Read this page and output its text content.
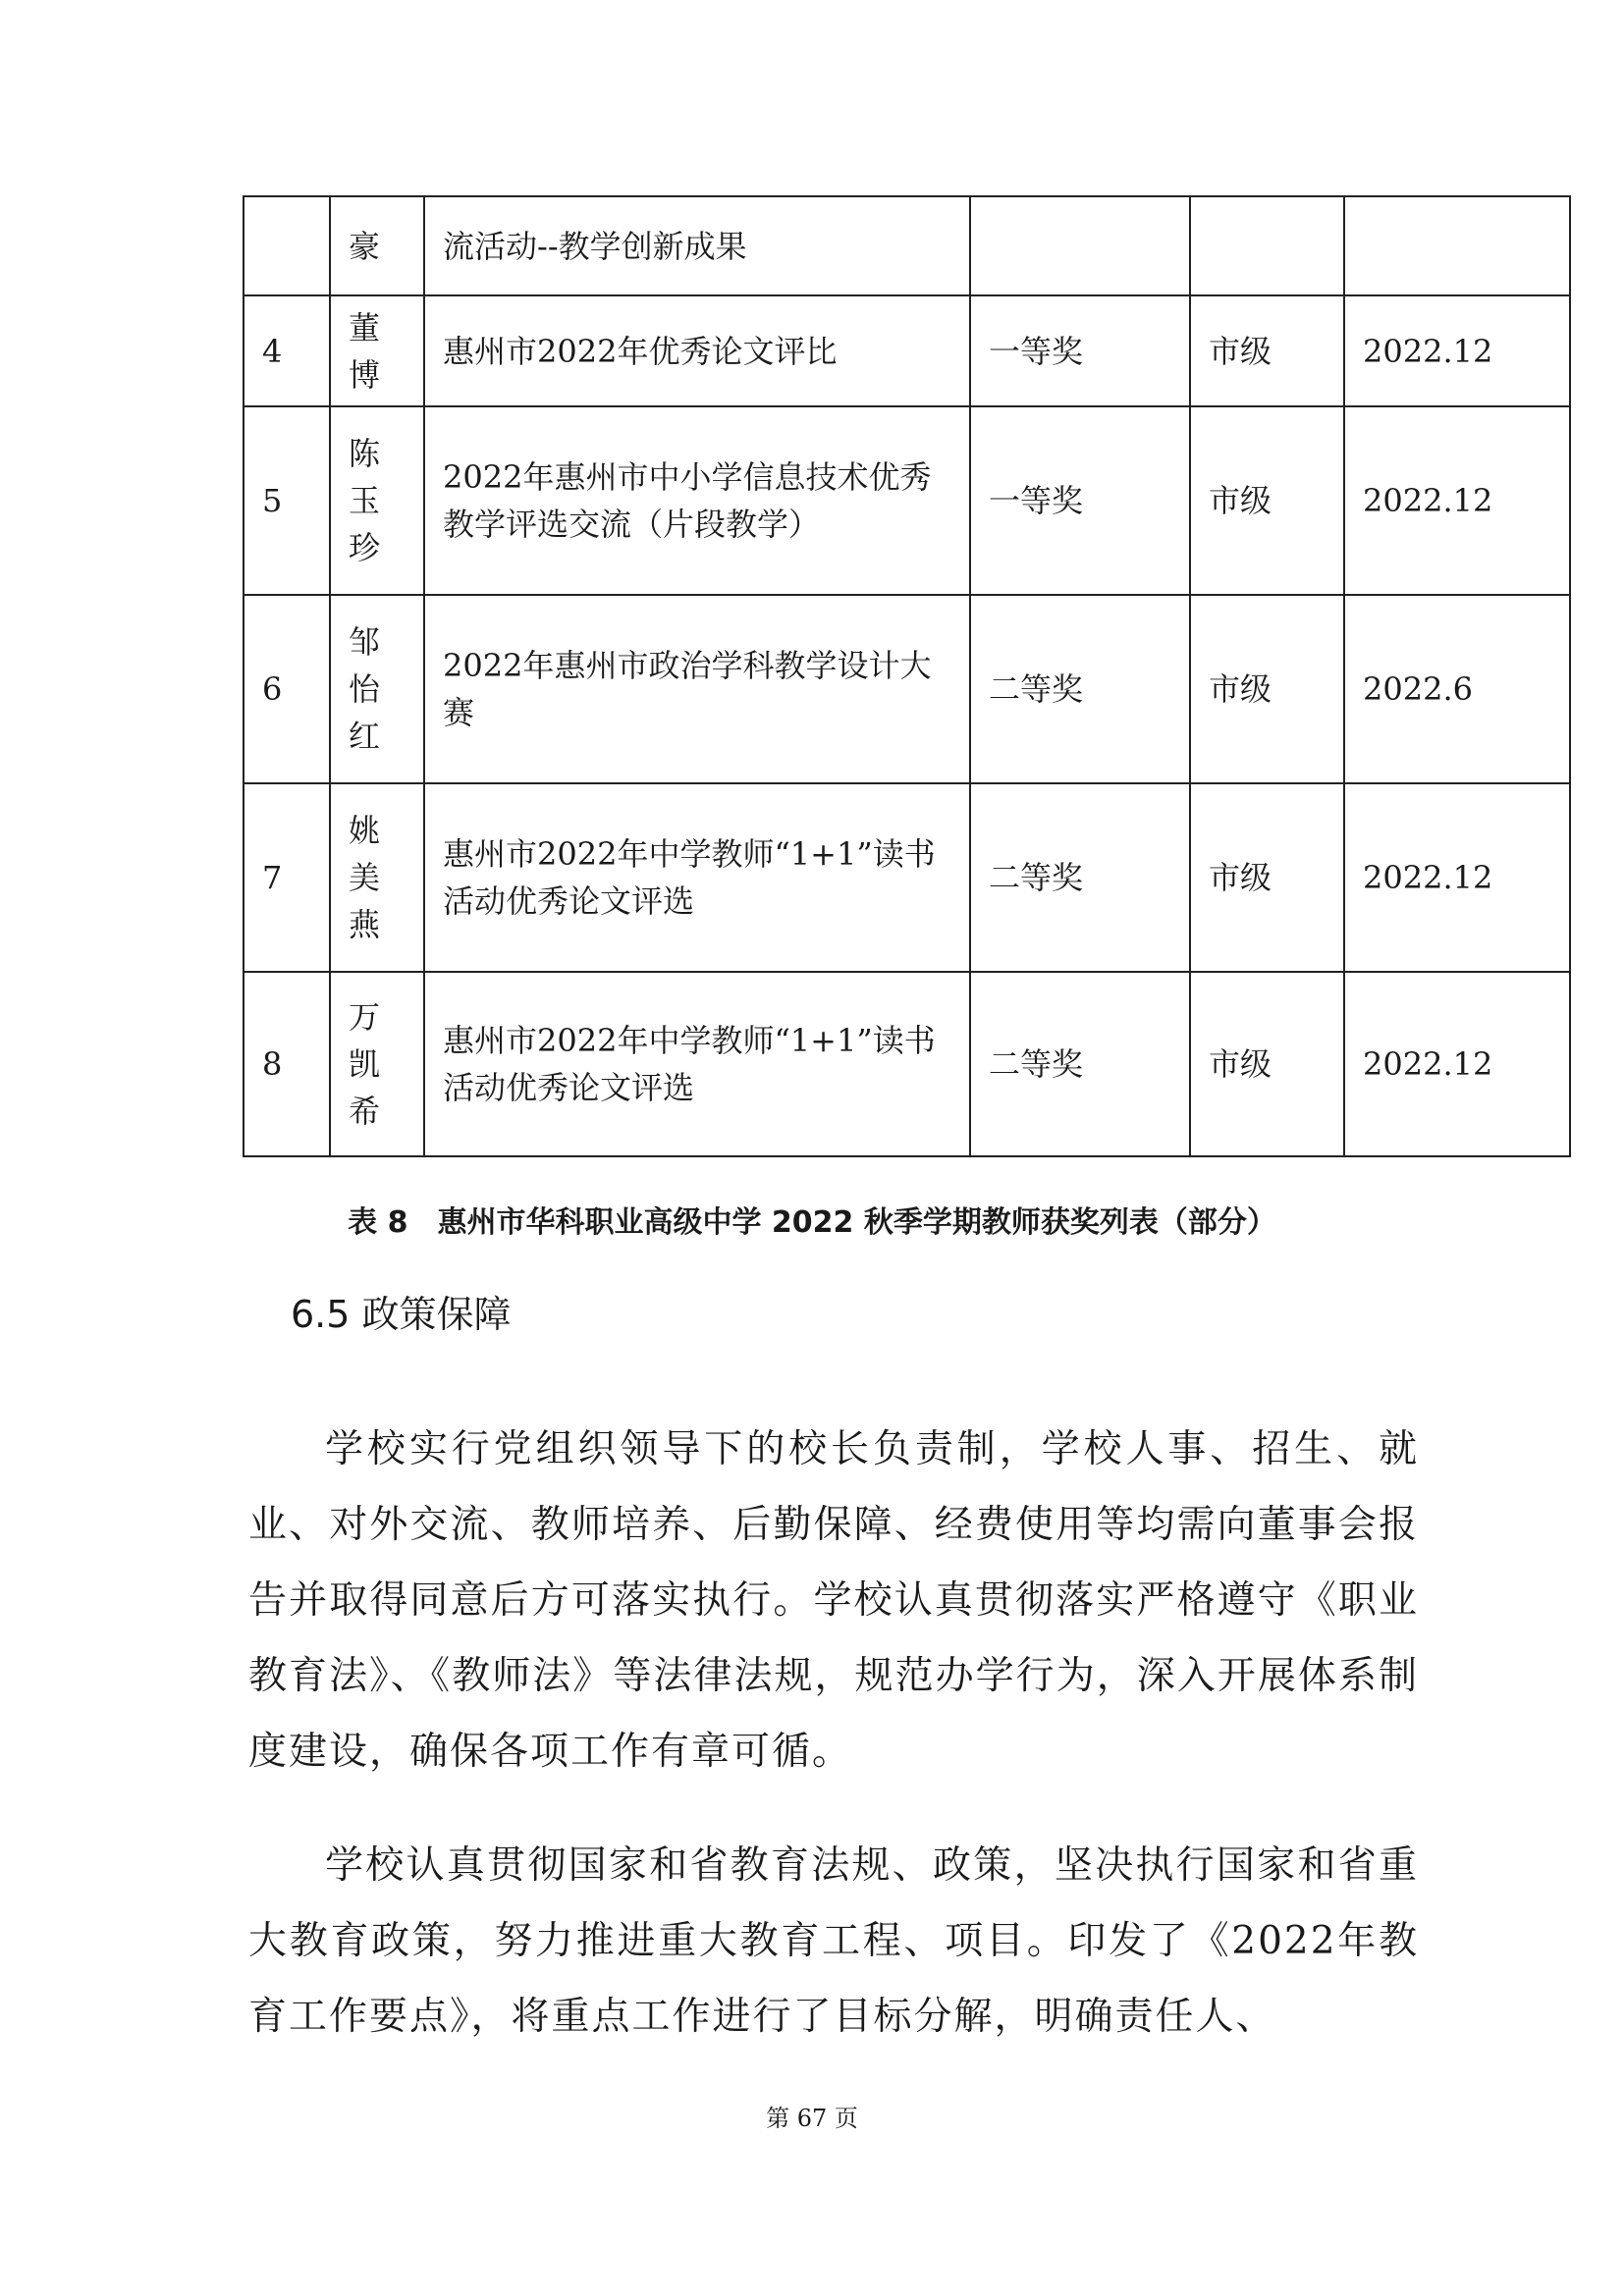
	豪	流活动--教学创新成果			
4	董博	惠州市2022年优秀论文评比	一等奖	市级	2022.12
5	陈玉珍	2022年惠州市中小学信息技术优秀教学评选交流（片段教学）	一等奖	市级	2022.12
6	邹怡红	2022年惠州市政治学科教学设计大赛	二等奖	市级	2022.6
7	姚美燕	惠州市2022年中学教师“1+1”读书活动优秀论文评选	二等奖	市级	2022.12
8	万凯希	惠州市2022年中学教师“1+1”读书活动优秀论文评选	二等奖	市级	2022.12
表 8　惠州市华科职业高级中学 2022 秋季学期教师获奖列表（部分）
6.5 政策保障

学校实行党组织领导下的校长负责制，学校人事、招生、就业、对外交流、教师培养、后勤保障、经费使用等均需向董事会报告并取得同意后方可落实执行。学校认真贯彻落实严格遵守《职业教育法》、《教师法》等法律法规，规范办学行为，深入开展体系制度建设，确保各项工作有章可循。

学校认真贯彻国家和省教育法规、政策，坚决执行国家和省重大教育政策，努力推进重大教育工程、项目。印发了《2022年教育工作要点》，将重点工作进行了目标分解，明确责任人、

第 67 页
